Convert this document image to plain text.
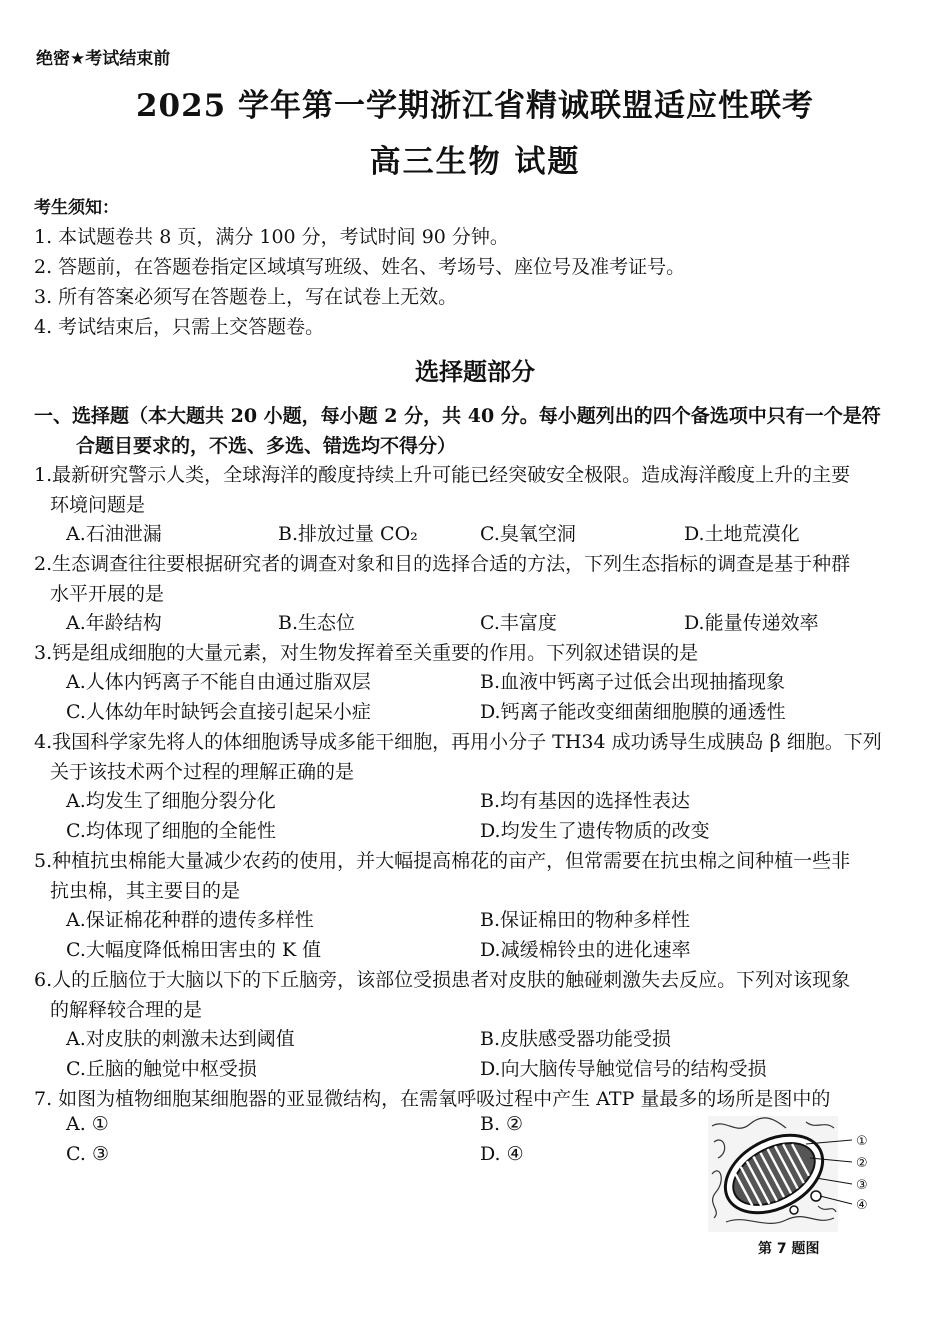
绝密★考试结束前
2025 学年第一学期浙江省精诚联盟适应性联考
高三生物 试题
考生须知：
1. 本试题卷共 8 页，满分 100 分，考试时间 90 分钟。
2. 答题前，在答题卷指定区域填写班级、姓名、考场号、座位号及准考证号。
3. 所有答案必须写在答题卷上，写在试卷上无效。
4. 考试结束后，只需上交答题卷。
选择题部分
一、选择题（本大题共 20 小题，每小题 2 分，共 40 分。每小题列出的四个备选项中只有一个是符
合题目要求的，不选、多选、错选均不得分）
1.最新研究警示人类，全球海洋的酸度持续上升可能已经突破安全极限。造成海洋酸度上升的主要
环境问题是
A.石油泄漏	B.排放过量 CO₂	C.臭氧空洞	D.土地荒漠化
2.生态调查往往要根据研究者的调查对象和目的选择合适的方法，下列生态指标的调查是基于种群
水平开展的是
A.年龄结构	B.生态位	C.丰富度	D.能量传递效率
3.钙是组成细胞的大量元素，对生物发挥着至关重要的作用。下列叙述错误的是
A.人体内钙离子不能自由通过脂双层	B.血液中钙离子过低会出现抽搐现象
C.人体幼年时缺钙会直接引起呆小症	D.钙离子能改变细菌细胞膜的通透性
4.我国科学家先将人的体细胞诱导成多能干细胞，再用小分子 TH34 成功诱导生成胰岛 β 细胞。下列
关于该技术两个过程的理解正确的是
A.均发生了细胞分裂分化	B.均有基因的选择性表达
C.均体现了细胞的全能性	D.均发生了遗传物质的改变
5.种植抗虫棉能大量减少农药的使用，并大幅提高棉花的亩产，但常需要在抗虫棉之间种植一些非
抗虫棉，其主要目的是
A.保证棉花种群的遗传多样性	B.保证棉田的物种多样性
C.大幅度降低棉田害虫的 K 值	D.减缓棉铃虫的进化速率
6.人的丘脑位于大脑以下的下丘脑旁，该部位受损患者对皮肤的触碰刺激失去反应。下列对该现象
的解释较合理的是
A.对皮肤的刺激未达到阈值	B.皮肤感受器功能受损
C.丘脑的触觉中枢受损	D.向大脑传导触觉信号的结构受损
7. 如图为植物细胞某细胞器的亚显微结构，在需氧呼吸过程中产生 ATP 量最多的场所是图中的
A. ①	B. ②
C. ③	D. ④
①
②
③
④
第 7 题图
